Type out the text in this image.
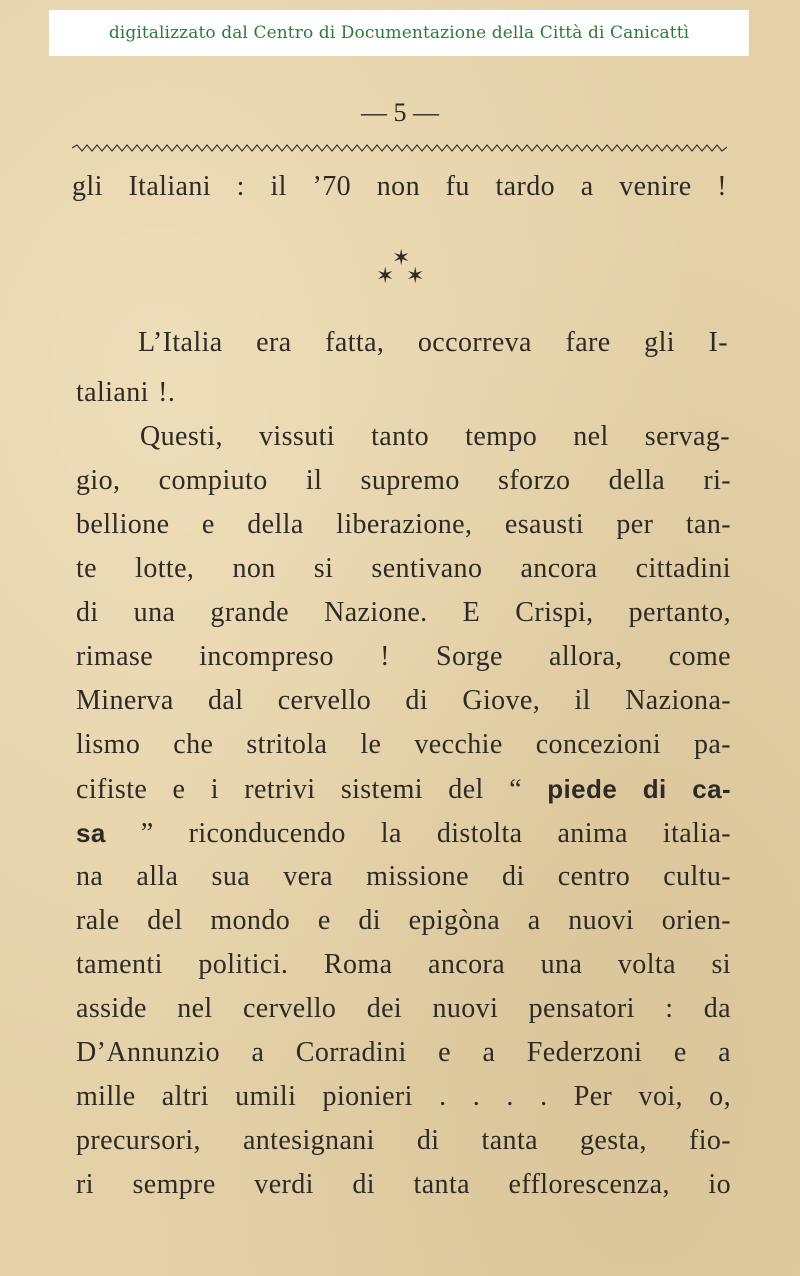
digitalizzato dal Centro di Documentazione della Città di Canicattì
— 5 —
gli Italiani : il ’70 non fu tardo a venire !
✶
✶ ✶
L’Italia era fatta, occorreva fare gli I-
taliani !.
Questi, vissuti tanto tempo nel servag-
gio, compiuto il supremo sforzo della ri-
bellione e della liberazione, esausti per tan-
te lotte, non si sentivano ancora cittadini
di una grande Nazione. E Crispi, pertanto,
rimase incompreso ! Sorge allora, come
Minerva dal cervello di Giove, il Naziona-
lismo che stritola le vecchie concezioni pa-
cifiste e i retrivi sistemi del “ piede di ca-
sa ” riconducendo la distolta anima italia-
na alla sua vera missione di centro cultu-
rale del mondo e di epigòna a nuovi orien-
tamenti politici. Roma ancora una volta si
asside nel cervello dei nuovi pensatori : da
D’Annunzio a Corradini e a Federzoni e a
mille altri umili pionieri . . . . Per voi, o,
precursori, antesignani di tanta gesta, fio-
ri sempre verdi di tanta efflorescenza, io
